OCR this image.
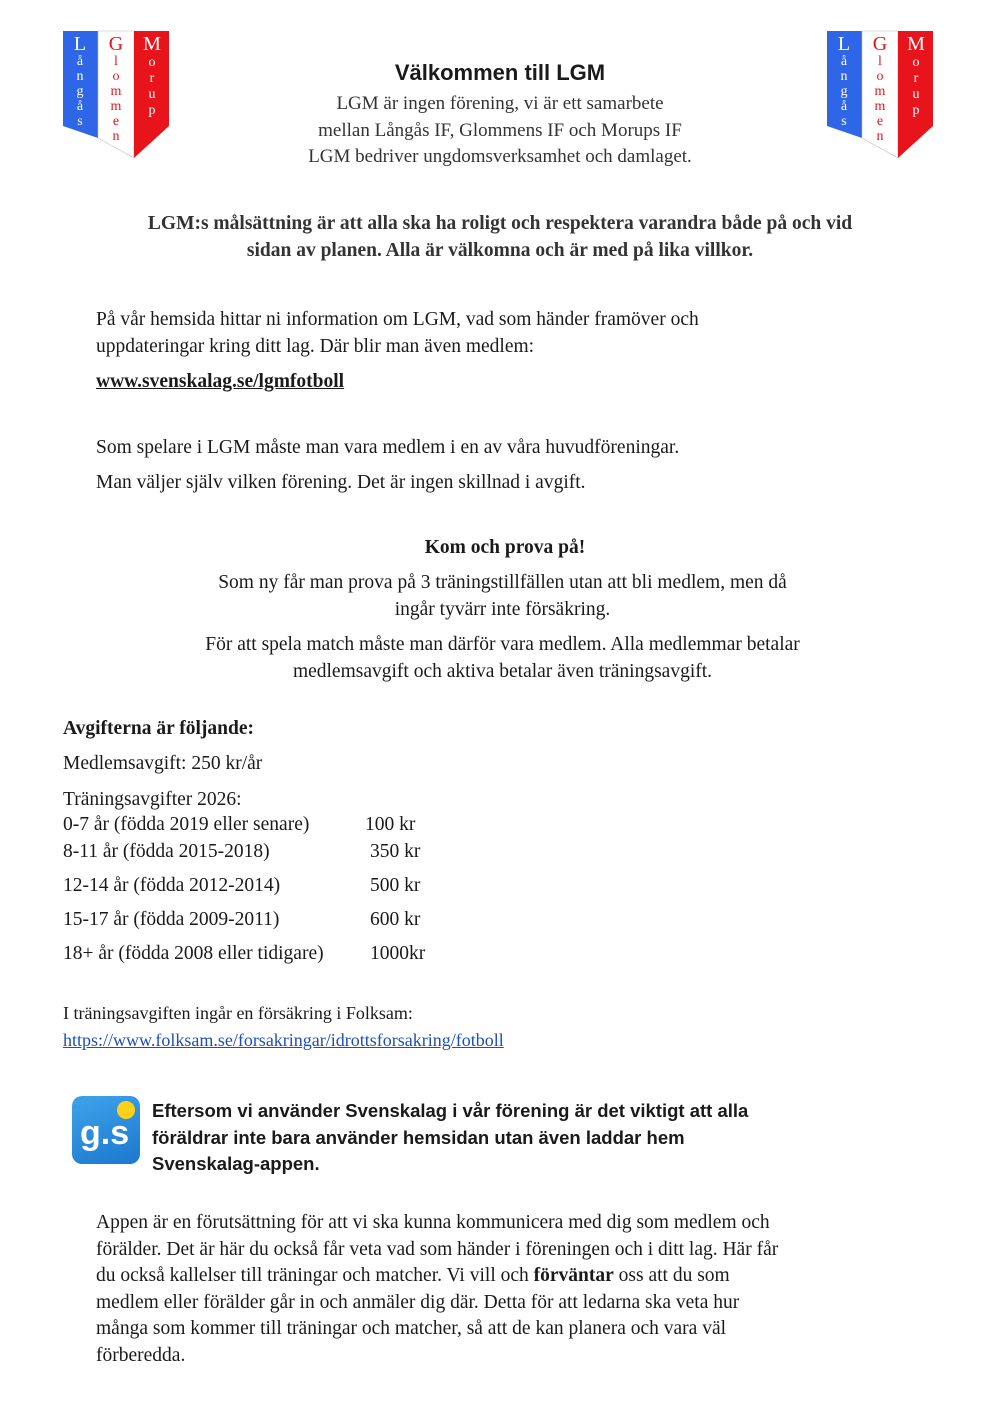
L
å
n
g
å
s
G
l
o
m
m
e
n
M
o
r
u
p
L
å
n
g
å
s
G
l
o
m
m
e
n
M
o
r
u
p
Välkommen till LGM
LGM är ingen förening, vi är ett samarbete
mellan Långås IF, Glommens IF och Morups IF
LGM bedriver ungdomsverksamhet och damlaget.
LGM:s målsättning är att alla ska ha roligt och respektera varandra både på och vid
sidan av planen. Alla är välkomna och är med på lika villkor.
På vår hemsida hittar ni information om LGM, vad som händer framöver och
uppdateringar kring ditt lag. Där blir man även medlem:
www.svenskalag.se/lgmfotboll
Som spelare i LGM måste man vara medlem i en av våra huvudföreningar.
Man väljer själv vilken förening. Det är ingen skillnad i avgift.
Kom och prova på!
Som ny får man prova på 3 träningstillfällen utan att bli medlem, men då
ingår tyvärr inte försäkring.
För att spela match måste man därför vara medlem. Alla medlemmar betalar
medlemsavgift och aktiva betalar även träningsavgift.
Avgifterna är följande:
Medlemsavgift: 250 kr/år
Träningsavgifter 2026:
0-7 år (födda 2019 eller senare)	100 kr
8-11 år (födda 2015-2018)	350 kr
12-14 år (födda 2012-2014)	500 kr
15-17 år (födda 2009-2011)	600 kr
18+ år (födda 2008 eller tidigare) 1000kr
I träningsavgiften ingår en försäkring i Folksam:
https://www.folksam.se/forsakringar/idrottsforsakring/fotboll
g.s
Eftersom vi använder Svenskalag i vår förening är det viktigt att alla
föräldrar inte bara använder hemsidan utan även laddar hem
Svenskalag-appen.
Appen är en förutsättning för att vi ska kunna kommunicera med dig som medlem och
förälder. Det är här du också får veta vad som händer i föreningen och i ditt lag. Här får
du också kallelser till träningar och matcher. Vi vill och förväntar oss att du som
medlem eller förälder går in och anmäler dig där. Detta för att ledarna ska veta hur
många som kommer till träningar och matcher, så att de kan planera och vara väl
förberedda.
